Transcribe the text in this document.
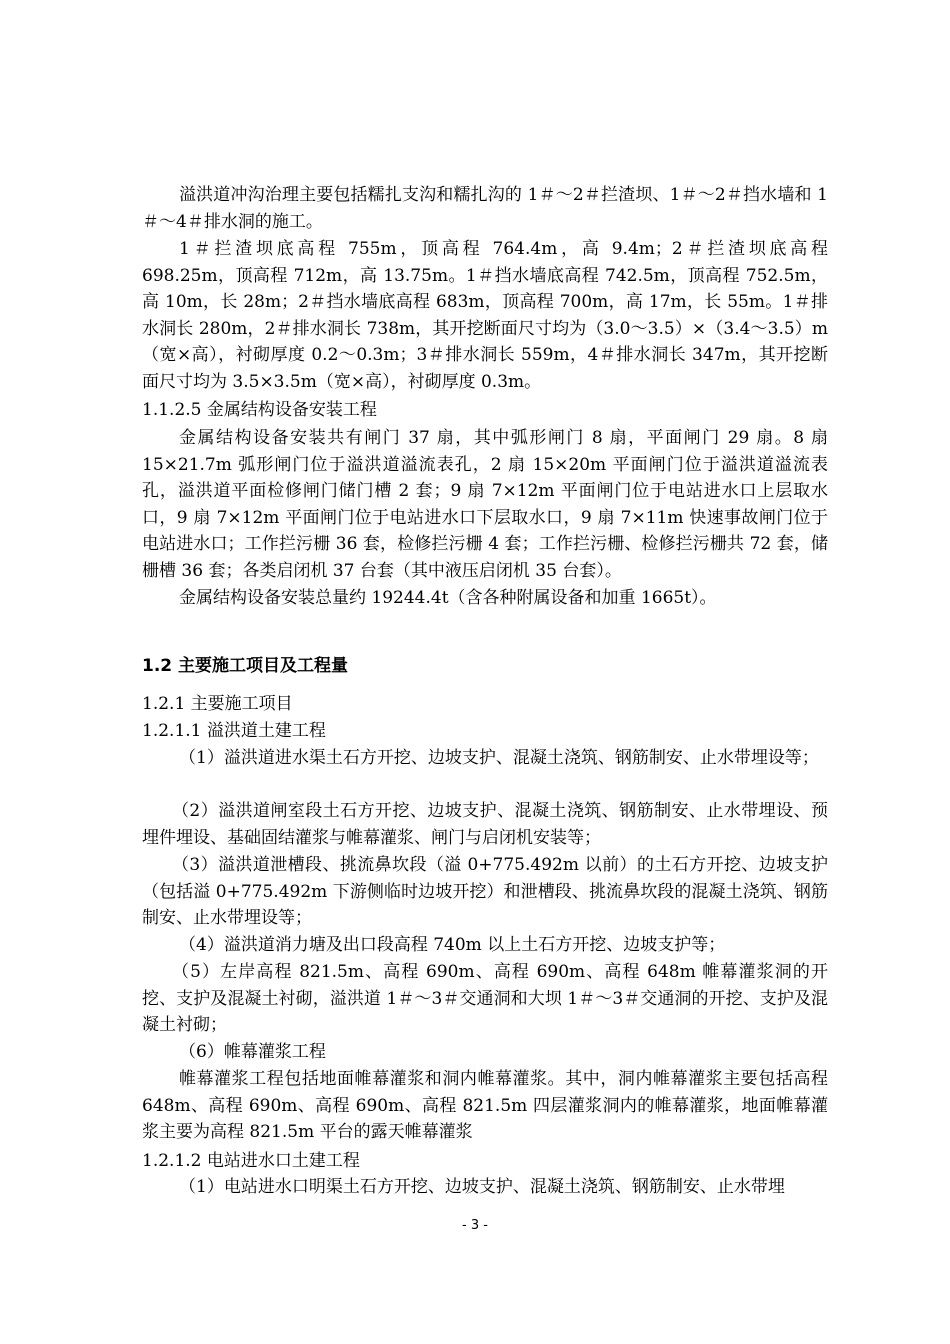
溢洪道冲沟治理主要包括糯扎支沟和糯扎沟的 1＃～2＃拦渣坝、1＃～2＃挡水墙和 1＃～4＃排水洞的施工。

1＃拦渣坝底高程 755m，顶高程 764.4m，高 9.4m；2＃拦渣坝底高程 698.25m，顶高程 712m，高 13.75m。1＃挡水墙底高程 742.5m，顶高程 752.5m，高 10m，长 28m；2＃挡水墙底高程 683m，顶高程 700m，高 17m，长 55m。1＃排水洞长 280m，2＃排水洞长 738m，其开挖断面尺寸均为（3.0～3.5）×（3.4～3.5）m（宽×高），衬砌厚度 0.2～0.3m；3＃排水洞长 559m，4＃排水洞长 347m，其开挖断面尺寸均为 3.5×3.5m（宽×高），衬砌厚度 0.3m。

1.1.2.5 金属结构设备安装工程

金属结构设备安装共有闸门 37 扇，其中弧形闸门 8 扇，平面闸门 29 扇。8 扇 15×21.7m 弧形闸门位于溢洪道溢流表孔，2 扇 15×20m 平面闸门位于溢洪道溢流表孔，溢洪道平面检修闸门储门槽 2 套；9 扇 7×12m 平面闸门位于电站进水口上层取水口，9 扇 7×12m 平面闸门位于电站进水口下层取水口，9 扇 7×11m 快速事故闸门位于电站进水口；工作拦污栅 36 套，检修拦污栅 4 套；工作拦污栅、检修拦污栅共 72 套，储栅槽 36 套；各类启闭机 37 台套（其中液压启闭机 35 台套）。

金属结构设备安装总量约 19244.4t（含各种附属设备和加重 1665t）。

1.2 主要施工项目及工程量

1.2.1 主要施工项目

1.2.1.1 溢洪道土建工程

（1）溢洪道进水渠土石方开挖、边坡支护、混凝土浇筑、钢筋制安、止水带埋设等；

（2）溢洪道闸室段土石方开挖、边坡支护、混凝土浇筑、钢筋制安、止水带埋设、预埋件埋设、基础固结灌浆与帷幕灌浆、闸门与启闭机安装等；

（3）溢洪道泄槽段、挑流鼻坎段（溢 0+775.492m 以前）的土石方开挖、边坡支护（包括溢 0+775.492m 下游侧临时边坡开挖）和泄槽段、挑流鼻坎段的混凝土浇筑、钢筋制安、止水带埋设等；

（4）溢洪道消力塘及出口段高程 740m 以上土石方开挖、边坡支护等；

（5）左岸高程 821.5m、高程 690m、高程 690m、高程 648m 帷幕灌浆洞的开挖、支护及混凝土衬砌，溢洪道 1＃～3＃交通洞和大坝 1＃～3＃交通洞的开挖、支护及混凝土衬砌；

（6）帷幕灌浆工程

帷幕灌浆工程包括地面帷幕灌浆和洞内帷幕灌浆。其中，洞内帷幕灌浆主要包括高程 648m、高程 690m、高程 690m、高程 821.5m 四层灌浆洞内的帷幕灌浆，地面帷幕灌浆主要为高程 821.5m 平台的露天帷幕灌浆

1.2.1.2 电站进水口土建工程

（1）电站进水口明渠土石方开挖、边坡支护、混凝土浇筑、钢筋制安、止水带埋

- 3 -
